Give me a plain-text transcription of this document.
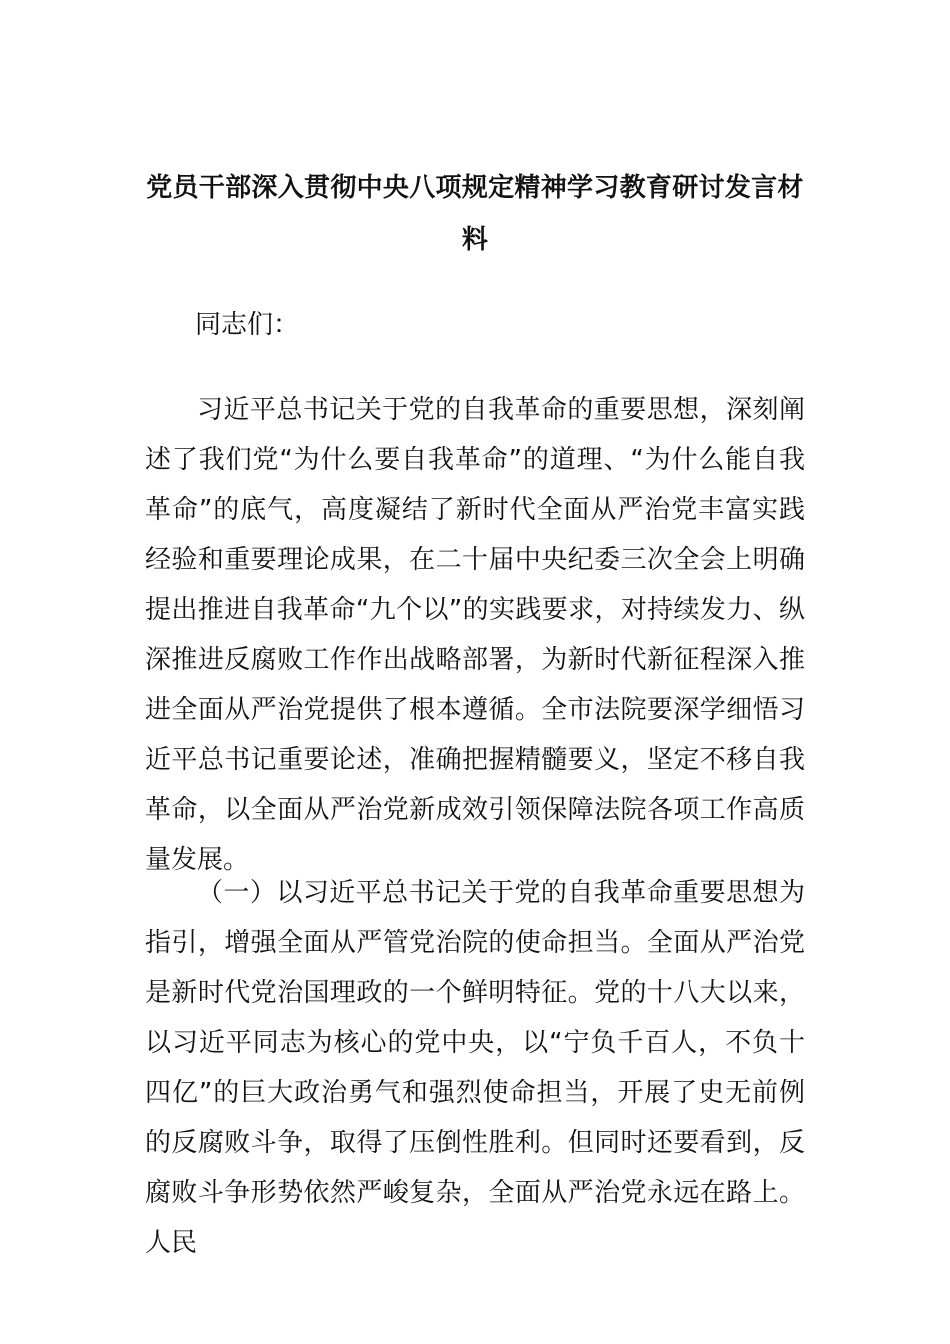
党员干部深入贯彻中央八项规定精神学习教育研讨发言材料

同志们：

习近平总书记关于党的自我革命的重要思想，深刻阐述了我们党“为什么要自我革命”的道理、“为什么能自我革命”的底气，高度凝结了新时代全面从严治党丰富实践经验和重要理论成果，在二十届中央纪委三次全会上明确提出推进自我革命“九个以”的实践要求，对持续发力、纵深推进反腐败工作作出战略部署，为新时代新征程深入推进全面从严治党提供了根本遵循。全市法院要深学细悟习近平总书记重要论述，准确把握精髓要义，坚定不移自我革命，以全面从严治党新成效引领保障法院各项工作高质量发展。

（一）以习近平总书记关于党的自我革命重要思想为指引，增强全面从严管党治院的使命担当。全面从严治党是新时代党治国理政的一个鲜明特征。党的十八大以来，以习近平同志为核心的党中央，以“宁负千百人，不负十四亿”的巨大政治勇气和强烈使命担当，开展了史无前例的反腐败斗争，取得了压倒性胜利。但同时还要看到，反腐败斗争形势依然严峻复杂，全面从严治党永远在路上。人民
